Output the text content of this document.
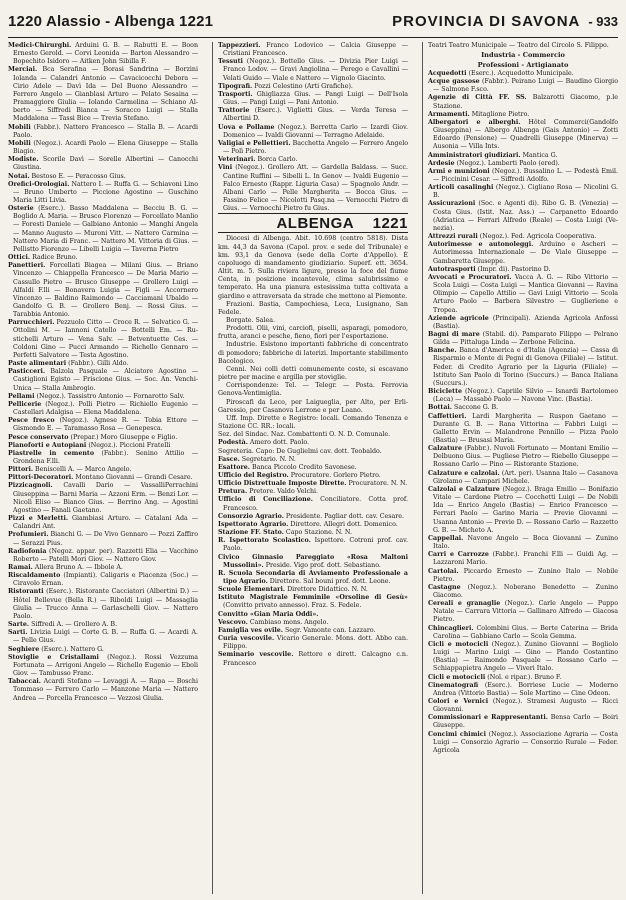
1220 Alassio - Albenga 1221	PROVINCIA DI SAVONA - 933

Medici-Chirurghi. Arduini G. B. — Rabutti E. — Boon Ernesto Gerold. — Corvi Leonida — Barton Alessandro — Bopechito Isidoro — Aitken John Sibilla F.

Merciai. Bca Serafina — Borasi Sandrina — Borzini Iolanda — Calandri Antonio — Cavacicocchi Debora — Cirio Adele — Davì Ida — Del Buono Alessandro — Ferrero Angelo — Gianblasi Arturo — Pelato Sesaina — Pramaggiore Giulia — Iolando Carmelina — Schiano Alberto — Siffredi Bianca — Soracco Luigi — Stalla Maddalena — Tassi Bice — Trevia Stefano.

Mobili (Fabbr.). Nattero Francesco — Stalla B. — Acardi Paolo.

Mobili (Negoz.). Acardi Paolo — Elena Giuseppe — Stalla Biagio.

Modiste. Scorile Davì — Sorelle Albertini — Canocchi Giustina.

Notai. Bestoso E. — Peracosso Gius.

Orefici-Orologiai. Nattero I. — Ruffa G. — Schiavoni Lino — Bruno Umberto — Piccione Agostino — Guschino Maria Litti Livia.

Osterie (Eserc.). Basso Maddalena — Becciu B. G. — Boglido A. Maria. — Brusco Fiorenzo — Forcellato Manlio — Foresti Daniele — Galbiano Antonio — Manghi Angela — Manno Augusto — Muroni Vitt. — Nattero Carmina — Nattero Maria di Franc. — Nattero M. Vittoria di Gius. — Pellistto Fiorenzo — Libelli Luigia — Taverna Pietro

Ottici. Radice Bruno.

Panettieri. Forcellati Biagea — Milani Gius. — Briano Vincenzo — Chiappella Francesco — De Maria Mario — Cassullo Pietro — Brusco Giuseppe — Grollero Luigi — Alfaldi F.lli — Bonavera Luigia — Figli — Accornero Vincenzo — Baldino Raimondo — Cacciamani Ubaldo — Gandolfo G. B. — Grollero Benj. — Rossi Gius. — Tarabbia Antonio.

Parrucchieri. Pezzuolo Citto — Croce R. — Selvatico G. — Ottolini M. — Iannoni Catello — Bottelli Em. — Rustichelli Arturo — Vena Salv. — Betventuette Ces. — Coldoni Gino — Pucci Armando — Richello Gennaro — Perfetti Salvatore — Testa Agostino.

Paste alimentari (Fabbr.). Gilli Aldo.

Pasticceri. Balzola Pasquale — Alciatore Agostino — Castiglioni Egisto — Friscione Gius. — Soc. An. Venchi-Unica — Stalla Ambrogio.

Pellami (Negoz.). Tassistro Antonio — Fornarotto Salv.

Pellicerie (Negoz.). Polli Pietro — Richiello Eugenio — Castellari Adalgisa — Elena Maddalena.

Pesce fresco (Negoz.). Agnese R. — Tobia Ettore — Gismondo E. — Taramasso Rosa — Genepesca.

Pesce conservato (Prepar.) Moro Giuseppe e Figlio.

Pianoforti e Autopiani (Negoz.). Piccioni Fratelli

Piastrelle in cemento (Fabbr.). Senino Attilio — Grondena F.lli.

Pittori. Beniscelli A. — Marco Angelo.

Pittori-Decoratori. Montano Giovanni — Grandi Cesare.

Pizzicagnoli. Cavalli Dario — VassalliPerrachini Giuseppina — Barni Maria — Azzoni Erm. — Benzi Lor. — Nicolì Eliso — Bianco Gius. — Berrino Ang. — Agostini Agostino — Fanali Gaetano.

Pizzi e Merletti. Giambiasi Arturo. — Catalani Ada — Calandri Ant.

Profumieri. Bianchi G. — De Vivo Gennaro — Pozzi Zaffiro — Serazzi Pius.

Radiofonia (Negoz. appar. per). Razzetti Elia — Vacchino Roberto — Patelli Mori Giov. — Nattero Giov.

Ramai. Allera Bruno A. — Ibbole A.

Riscaldamento (Impianti). Caligaris e Piacenza (Soc.) — Ciravolo Ernan.

Ristoranti (Eserc.). Ristorante Cacciatori (Albertini D.) — Hôtel Bellevue (Bella R.) — Riboldi Luigi — Massaglia Giulia — Trucco Anna — Garlaschelli Giov. — Nattero Paolo.

Sarte. Siffredi A. — Grollero A. B.

Sarti. Livizia Luigi — Corte G. B. — Ruffa G. — Acardi A. — Pelle Gius.

Seghiere (Eserc.). Nattero G.

Stoviglie e Cristallami (Negoz.). Rossi Vezzuma Fortunata — Arrigoni Angelo — Richello Eugenio — Eboli Giov. — Tambusso Franc.

Tabaccai. Acardi Stefano — Levaggi A. — Rapa — Boschi Tommaso — Ferrero Carlo — Manzone Maria — Nattero Andrea — Porcella Francesco — Vezzosi Giulia.

Tappezzieri. Franco Lodovico — Calcia Giuseppe — Cristiani Francesco.

Tessuti (Negoz.). Bottello Gius. — Divizia Pier Luigi — Franco Lodov. — Gravi Angiolina — Perego e Cavallini — Velati Guido — Viale e Nattero — Vignolo Giacinto.

Tipografi. Pozzi Celestino (Arti Grafiche).

Trasporti. Ghigliazza Gius. — Pangi Luigi — Dell'Isola Gius. — Pangi Luigi — Pani Antonio.

Trattorie (Eserc.). Viglietti Gius. — Verda Teresa — Albertini D.

Uova e Pollame (Negoz.). Berretta Carlo — Izardi Giov. Domenico — Ivaldi Giovanni — Terragno Adelaide.

Valigiai e Pellettieri. Bacchetta Angelo — Ferrero Angelo — Polì Pietro.

Veterinari. Borca Carlo.

Vini (Negoz.). Grollero Att. — Gardella Baldass. — Succ. Cantine Ruffini — Sibelli L. In Genov — Ivaldi Eugenio — Falco Ernesto (Rappr. Liguria Casa) — Spagnolo Andr. — Albani Carlo — Pelle Margherita — Bocca Gius. — Fassino Felice — Nicolotti Pasq.na — Vernocchi Pietro di Gius. — Vernocchi Pietro fu Gius.

ALBENGA 1221

Diocesi di Albenga. Abit. 10.698 (centro 5818). Dista km. 44,3 da Savona (Capol. prov. e sede del Tribunale) e km. 93,1 da Genova (sede della Corte d'Appello). È capoluogo di mandamento giudiziario. Superf. ett. 3654. Altit. m. 5. Sulla riviera ligure, presso la foce del fiume Centa, in posizione incantevole, clima salubrissimo e temperato. Ha una pianura estesissima tutta coltivata a giardino e attraversata da strade che mettono al Piemonte.

Frazioni. Bastia, Campochiesa, Leca, Lusignano, San Fedele.

Borgate. Salea.

Prodotti. Olii, vini, carciofi, piselli, asparagi, pomodoro, frutta, aranci e pesche, fieno, fiori per l'esportazione.

Industrie. Esistono importanti fabbriche di concentrato di pomodoro; fabbriche di laterizi. Importante stabilimento Bacologico.

Cenni. Nei colli detti comunemente coste, si escavano pietre per macine e argilla per stoviglie.

Corrispondenze: Tel. — Telegr. — Posta. Ferrovia Genova-Ventimiglia.

Piroscafi da Leco, per Laigueglia, per Alto, per Erli-Garessio, per Casanova Lerrone e per Loano.

Uff. Imp. Dirette e Registro: locali. Comando Tenenza e Stazione CC. RR.: locali.

Sez. del Sindac. Naz. Combattenti O. N. D. Comunale.

Podestà. Amero dott. Paolo.

Segreteria. Capo: De Guglielmi cav. dott. Teobaldo.

Fasce. Segretario. N. N.

Esattore. Banca Piccolo Credito Savonese.

Ufficio del Registro. Procuratore. Gorlero Pietro.

Ufficio Distrettuale Imposte Dirette. Procuratore. N. N.

Pretura. Pretore. Valdo Velchi.

Ufficio di Conciliazione. Conciliatore. Cotta prof. Francesco.

Consorzio Agrario. Presidente. Pagliar dott. cav. Cesare.

Ispettorato Agrario. Direttore. Allegri dott. Domenico.

Stazione FF. Stato. Capo Stazione. N. N.

R. Ispettorato Scolastico. Ispettore. Cotroni prof. cav. Paolo.

Civico Ginnasio Pareggiato «Rosa Maltoni Mussolini». Preside. Vigo prof. dott. Sebastiano.

R. Scuola Secondaria di Avviamento Professionale a tipo Agrario. Direttore. Sal bouni prof. dott. Leone.

Scuole Elementari. Direttore Didattico. N. N.

Istituto Magistrale Femminile «Orsoline di Gesù» (Convitto privato annesso). Fraz. S. Fedele.

Convitto «Gian Maria Oddi».

Vescovo. Cambiaso mons. Angelo.

Famiglia ves ovile. Segr. Vamonte can. Lazzaro.

Curia vescovile. Vicario Generale. Mons. dott. Abbo can. Filippo.

Seminario vescovile. Rettore e dirett. Calcagno c.n. Francesco

Teatri Teatro Municipale — Teatro del Circolo S. Filippo.

Industria - Commercio
Professioni - Artigianato

Acquedotti (Eserc.). Acquedotto Municipale.

Acque gassose (Fabbr.). Peirano Luigi — Baudino Giorgio — Salmone F.sco.

Agenzie di Città FF. SS. Balzarotti Giacomo, p.le Stazione.

Armamenti. Mitaglione Pietro.

Albergatori e alberghi. Hôtel Commerci(Gandolfo Giuseppina) — Albergo Albenga (Gais Antonio) — Zotti Edoardo (Pensione) — Quadrelli Giuseppe (Minerva) — Ausonia — Villa Ints.

Amministratori giudiziari. Mantica G.

Ardesie (Negoz.). Lamberti Paolo (ered).

Armi e munizioni (Negoz.). Bussalino L. — Podestà Emil. — Piccinini Cesar. — Siffredi Adolfo.

Articoli casalinghi (Negoz.). Cigliano Rosa — Nicolini G. B.

Assicurazioni (Soc. e Agenti di). Ribo G. B. (Venezia) — Costa Gius. (Istit. Naz. Ass.) — Carpanetto Edoardo (Adriatica — Ferrari Alfredo (Reale) — Costa Luigi (Venezia).

Attrezzi rurali (Negoz.). Fed. Agricola Cooperativa.

Autorimesse e autonoleggi. Arduino e Ascheri — Autorimessa Internazionale — De Viale Giuseppe — Gambaretta Giuseppe.

Autotrasporti (Impr. di). Pastorino D.

Avvocati e Procuratori. Vacca A. G. — Ribo Vittorio — Scola Luigi — Costa Luigi — Mantica Giovanni — Ravina Olimpio — Capello Attilio — Gavi Luigi Vittorio — Scola Arturo Paolo — Barbera Silvestro — Guglieriene e Tropea.

Aziende agricole (Principali). Azienda Agricola Anfossi (Bastia).

Bagni di mare (Stabil. di). Pamparato Filippo — Pelrano Gilda — Pittaluga Linda — Zerbone Felicina.

Banche. Banca d'America e d'Italia (Agenzia) — Cassa di Risparmio e Monte di Pegni di Genova (Filiale) — Istitut. Feder. di Credito Agrario per la Liguria (Filiale) — Istituto San Paolo di Torino (Succurs.) — Banca Italiana (Succurs.).

Biciclette (Negoz.). Capriile Silvio — Isnardi Bartolomeo (Leca) — Massabò Paolo — Navone Vinc. (Bastia).

Bottai. Saccone G. B.

Caffettieri. Lardi Margherita — Ruspon Gaetano — Durante G. B. — Rana Vittorina — Fabbri Luigi — Galletto Ervin — Malandrone Pennillo — Pizza Paolo (Bastia) — Brusasi Maria.

Calzature (Fabbr.). Nuvoli Fortunato — Montani Emilio — Delbuono Gius. — Pugliese Pietro — Riebello Giuseppe — Rossano Carlo — Pino — Ristorante Stazione.

Calzature e calzolai. (Art. per). Usanna Italo — Casanova Girolamo — Campari Michele.

Calzolai e Calzature (Negoz.). Braga Emilio — Bonifazio Vitale — Cardone Pietro — Cocchetti Luigi — De Nobili Ida — Enrico Angelo (Bastia) — Enrico Francesco — Ferrari Paolo — Garino Maria — Previe Giovanni — Usanna Antonio — Previe D. — Rossano Carlo — Razzetto G. B. — Micheto A.

Cappellai. Navone Angelo — Boca Giovanni — Zunino Italo.

Carri e Carrozze (Fabbr.). Franchi F.lli — Guidi Ag. — Lazzaroni Mario.

Cartolai. Piccardo Ernesto — Zunino Italo — Nobile Pietro.

Castagne (Negoz.). Noberano Benedetto — Zunino Giacomo.

Cereali e granaglie (Negoz.). Carle Angelo — Puppo Natale — Carrara Vittoria — Gallinaro Alfredo — Giacosa Pietro.

Chincaglieri. Colombini Gius. — Berte Caterina — Brida Carolina — Gabbiano Carlo — Scola Gemma.

Cicli e motocicli (Negoz.). Zunino Giovanni — Bogliolo Luigi — Marino Luigi — Gino — Plando Costantino (Bastia) — Raimondo Pasquale — Rossano Carlo — Schiappapietra Angelo — Viveri Italo.

Cicli e motocicli (Nol. e ripar.). Bruno F.

Cinematografi (Eserc.). Borriese Lucie — Moderno Andrea (Vittorio Bastia) — Sole Martino — Cine Odeon.

Colori e Vernici (Negoz.). Stramesi Augusto — Ricci Giovanni.

Commissionari e Rappresentanti. Bensa Carlo — Boiri Giuseppe.

Concimi chimici (Negoz.). Associazione Agraria — Costa Luigi — Consorzio Agrario — Consorzio Rurale — Feder. Agricola
